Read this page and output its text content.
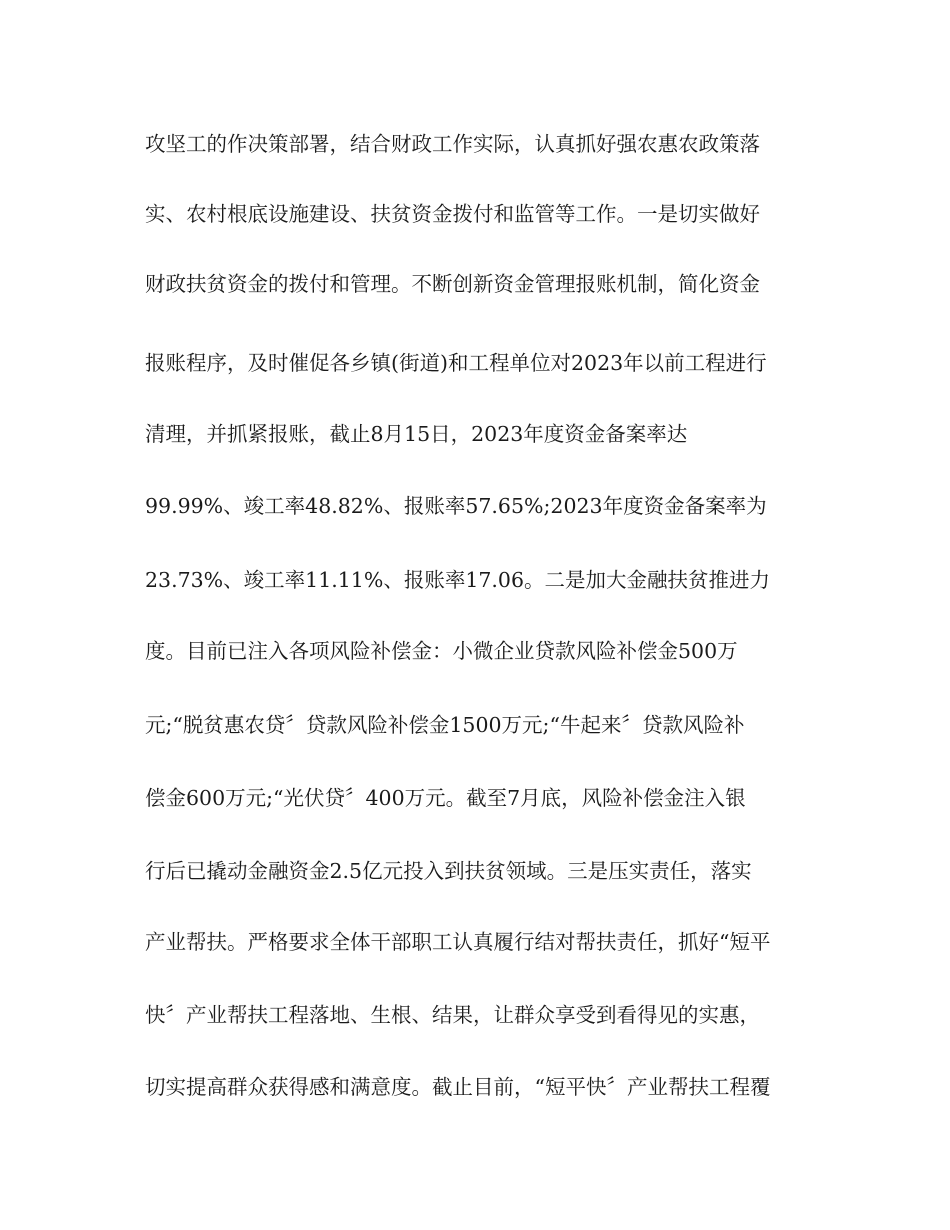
攻坚工的作决策部署，结合财政工作实际，认真抓好强农惠农政策落
实、农村根底设施建设、扶贫资金拨付和监管等工作。一是切实做好
财政扶贫资金的拨付和管理。不断创新资金管理报账机制，简化资金
报账程序，及时催促各乡镇(街道)和工程单位对2023年以前工程进行
清理，并抓紧报账，截止8月15日，2023年度资金备案率达
99.99%、竣工率48.82%、报账率57.65%;2023年度资金备案率为
23.73%、竣工率11.11%、报账率17.06。二是加大金融扶贫推进力
度。目前已注入各项风险补偿金：小微企业贷款风险补偿金500万
元;“脱贫惠农贷〞贷款风险补偿金1500万元;“牛起来〞贷款风险补
偿金600万元;“光伏贷〞400万元。截至7月底，风险补偿金注入银
行后已撬动金融资金2.5亿元投入到扶贫领域。三是压实责任，落实
产业帮扶。严格要求全体干部职工认真履行结对帮扶责任，抓好“短平
快〞产业帮扶工程落地、生根、结果，让群众享受到看得见的实惠，
切实提高群众获得感和满意度。截止目前，“短平快〞产业帮扶工程覆
